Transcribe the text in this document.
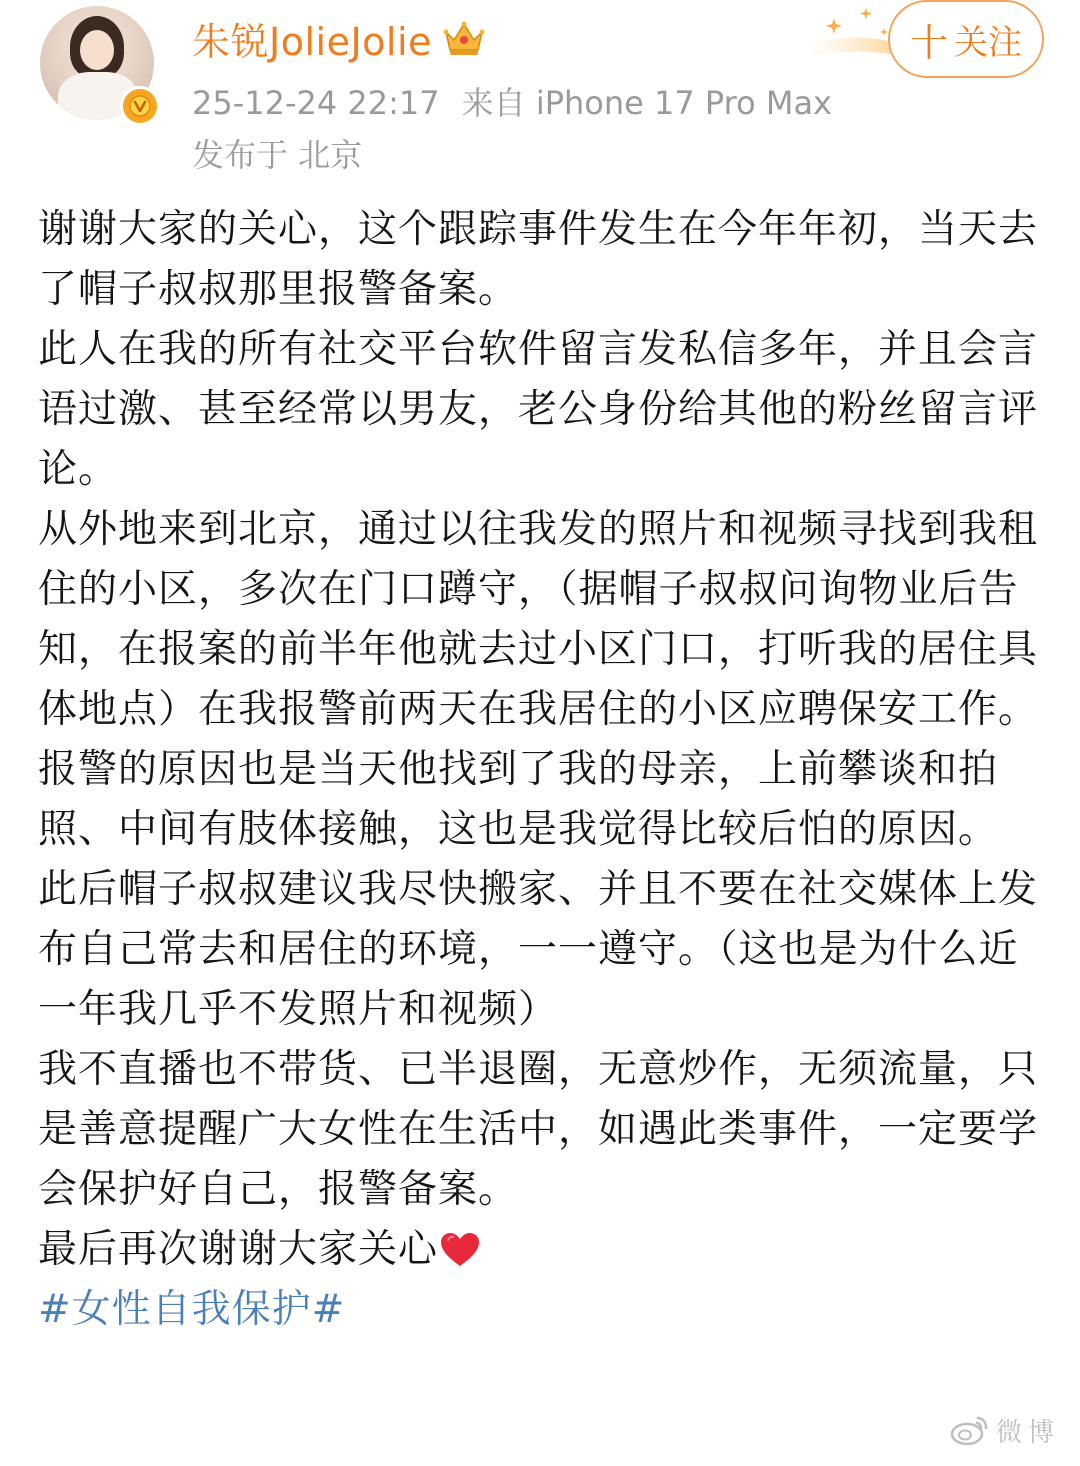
朱锐JolieJolie
25-12-24 22:17 来自 iPhone 17 Pro Max
发布于 北京
十 关注

谢谢大家的关心，这个跟踪事件发生在今年年初，当天去了帽子叔叔那里报警备案。

此人在我的所有社交平台软件留言发私信多年，并且会言语过激、甚至经常以男友，老公身份给其他的粉丝留言评论。

从外地来到北京，通过以往我发的照片和视频寻找到我租住的小区，多次在门口蹲守，（据帽子叔叔问询物业后告知，在报案的前半年他就去过小区门口，打听我的居住具体地点）在我报警前两天在我居住的小区应聘保安工作。

报警的原因也是当天他找到了我的母亲，上前攀谈和拍照、中间有肢体接触，这也是我觉得比较后怕的原因。

此后帽子叔叔建议我尽快搬家、并且不要在社交媒体上发布自己常去和居住的环境，一一遵守。（这也是为什么近一年我几乎不发照片和视频）

我不直播也不带货、已半退圈，无意炒作，无须流量，只是善意提醒广大女性在生活中，如遇此类事件，一定要学会保护好自己，报警备案。

最后再次谢谢大家关心

#女性自我保护#
微博
